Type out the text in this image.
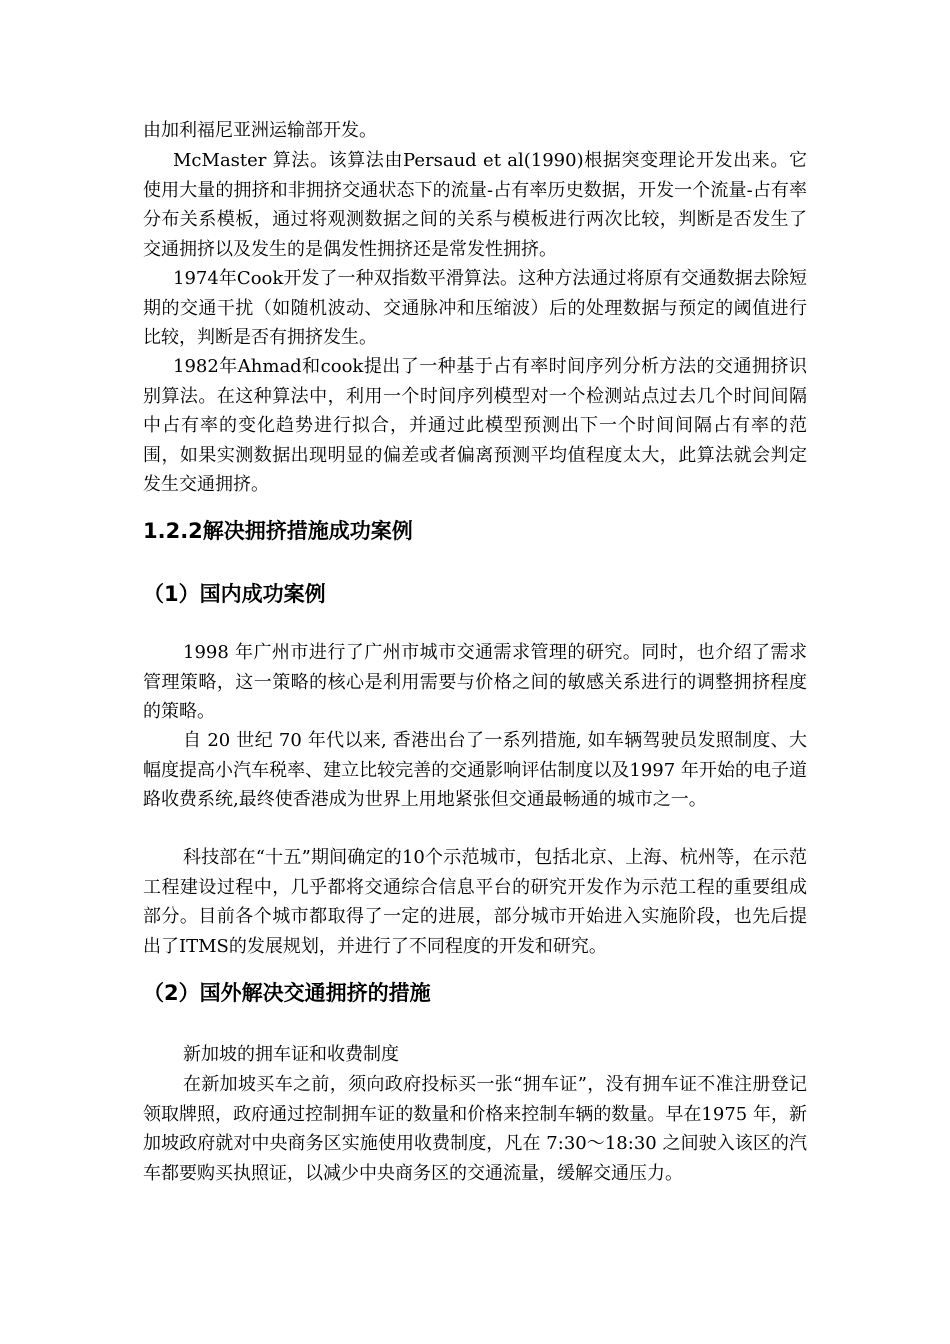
由加利福尼亚洲运输部开发。

McMaster 算法。该算法由Persaud et al(1990)根据突变理论开发出来。它使用大量的拥挤和非拥挤交通状态下的流量-占有率历史数据，开发一个流量-占有率分布关系模板，通过将观测数据之间的关系与模板进行两次比较，判断是否发生了交通拥挤以及发生的是偶发性拥挤还是常发性拥挤。

1974年Cook开发了一种双指数平滑算法。这种方法通过将原有交通数据去除短期的交通干扰（如随机波动、交通脉冲和压缩波）后的处理数据与预定的阈值进行比较，判断是否有拥挤发生。

1982年Ahmad和cook提出了一种基于占有率时间序列分析方法的交通拥挤识别算法。在这种算法中，利用一个时间序列模型对一个检测站点过去几个时间间隔中占有率的变化趋势进行拟合，并通过此模型预测出下一个时间间隔占有率的范围，如果实测数据出现明显的偏差或者偏离预测平均值程度太大，此算法就会判定发生交通拥挤。

1.2.2解决拥挤措施成功案例
（1）国内成功案例

1998 年广州市进行了广州市城市交通需求管理的研究。同时，也介绍了需求管理策略，这一策略的核心是利用需要与价格之间的敏感关系进行的调整拥挤程度的策略。

自 20 世纪 70 年代以来, 香港出台了一系列措施, 如车辆驾驶员发照制度、大幅度提高小汽车税率、建立比较完善的交通影响评估制度以及1997 年开始的电子道路收费系统,最终使香港成为世界上用地紧张但交通最畅通的城市之一。

科技部在“十五”期间确定的10个示范城市，包括北京、上海、杭州等，在示范工程建设过程中，几乎都将交通综合信息平台的研究开发作为示范工程的重要组成部分。目前各个城市都取得了一定的进展，部分城市开始进入实施阶段，也先后提出了ITMS的发展规划，并进行了不同程度的开发和研究。

（2）国外解决交通拥挤的措施

新加坡的拥车证和收费制度

在新加坡买车之前，须向政府投标买一张“拥车证”，没有拥车证不准注册登记领取牌照，政府通过控制拥车证的数量和价格来控制车辆的数量。早在1975 年，新加坡政府就对中央商务区实施使用收费制度，凡在 7:30～18:30 之间驶入该区的汽车都要购买执照证，以减少中央商务区的交通流量，缓解交通压力。
